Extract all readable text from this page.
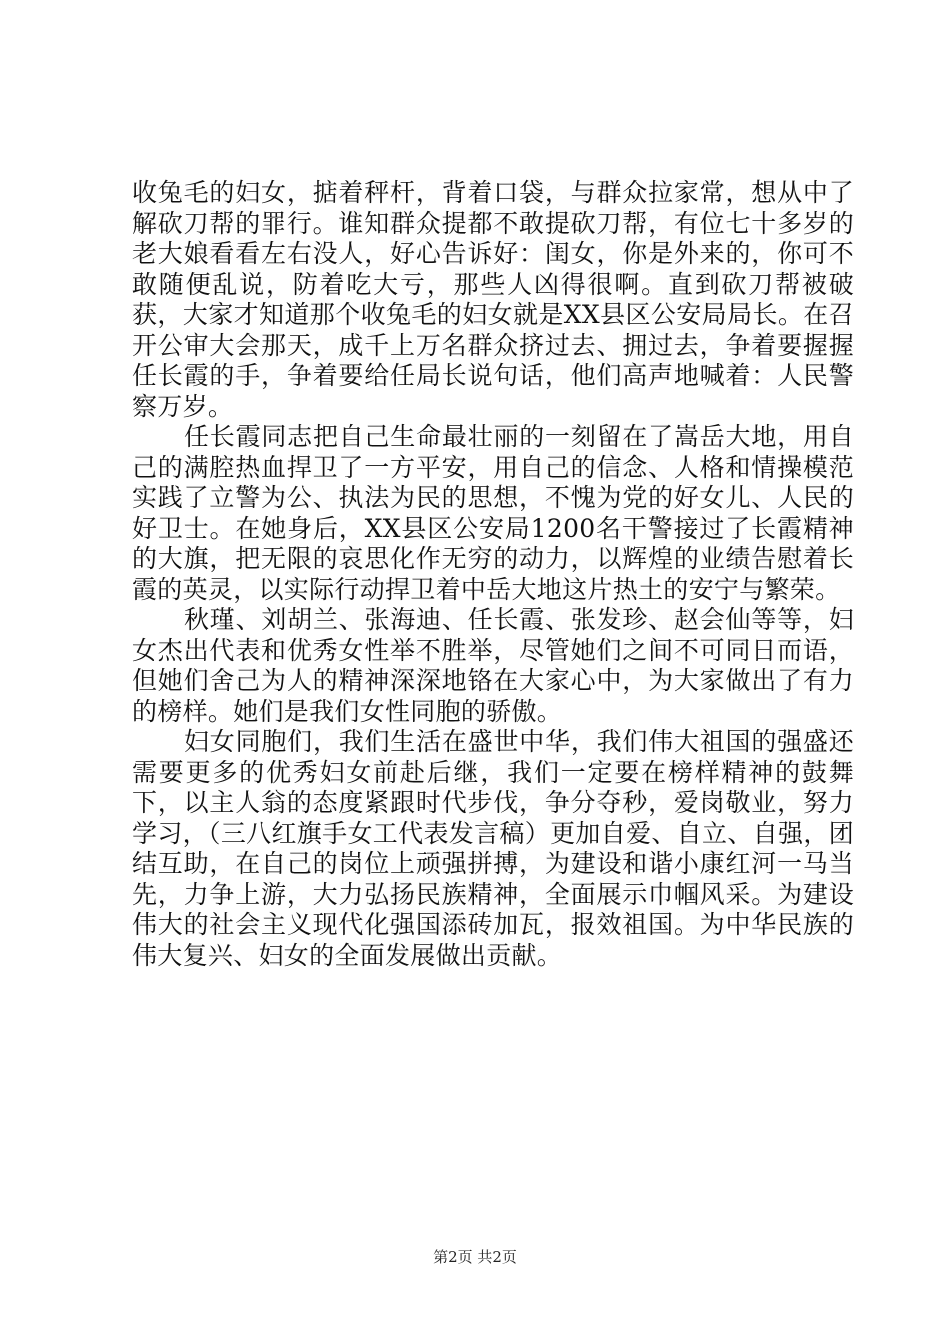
收兔毛的妇女，掂着秤杆，背着口袋，与群众拉家常，想从中了解砍刀帮的罪行。谁知群众提都不敢提砍刀帮，有位七十多岁的老大娘看看左右没人，好心告诉好：闺女，你是外来的，你可不敢随便乱说，防着吃大亏，那些人凶得很啊。直到砍刀帮被破获，大家才知道那个收兔毛的妇女就是XX县区公安局局长。在召开公审大会那天，成千上万名群众挤过去、拥过去，争着要握握任长霞的手，争着要给任局长说句话，他们高声地喊着：人民警察万岁。

任长霞同志把自己生命最壮丽的一刻留在了嵩岳大地，用自己的满腔热血捍卫了一方平安，用自己的信念、人格和情操模范实践了立警为公、执法为民的思想，不愧为党的好女儿、人民的好卫士。在她身后，XX县区公安局1200名干警接过了长霞精神的大旗，把无限的哀思化作无穷的动力，以辉煌的业绩告慰着长霞的英灵，以实际行动捍卫着中岳大地这片热土的安宁与繁荣。

秋瑾、刘胡兰、张海迪、任长霞、张发珍、赵会仙等等，妇女杰出代表和优秀女性举不胜举，尽管她们之间不可同日而语，但她们舍己为人的精神深深地铬在大家心中，为大家做出了有力的榜样。她们是我们女性同胞的骄傲。

妇女同胞们，我们生活在盛世中华，我们伟大祖国的强盛还需要更多的优秀妇女前赴后继，我们一定要在榜样精神的鼓舞下，以主人翁的态度紧跟时代步伐，争分夺秒，爱岗敬业，努力学习，（三八红旗手女工代表发言稿）更加自爱、自立、自强，团结互助，在自己的岗位上顽强拼搏，为建设和谐小康红河一马当先，力争上游，大力弘扬民族精神，全面展示巾帼风采。为建设伟大的社会主义现代化强国添砖加瓦，报效祖国。为中华民族的伟大复兴、妇女的全面发展做出贡献。

第2页 共2页
